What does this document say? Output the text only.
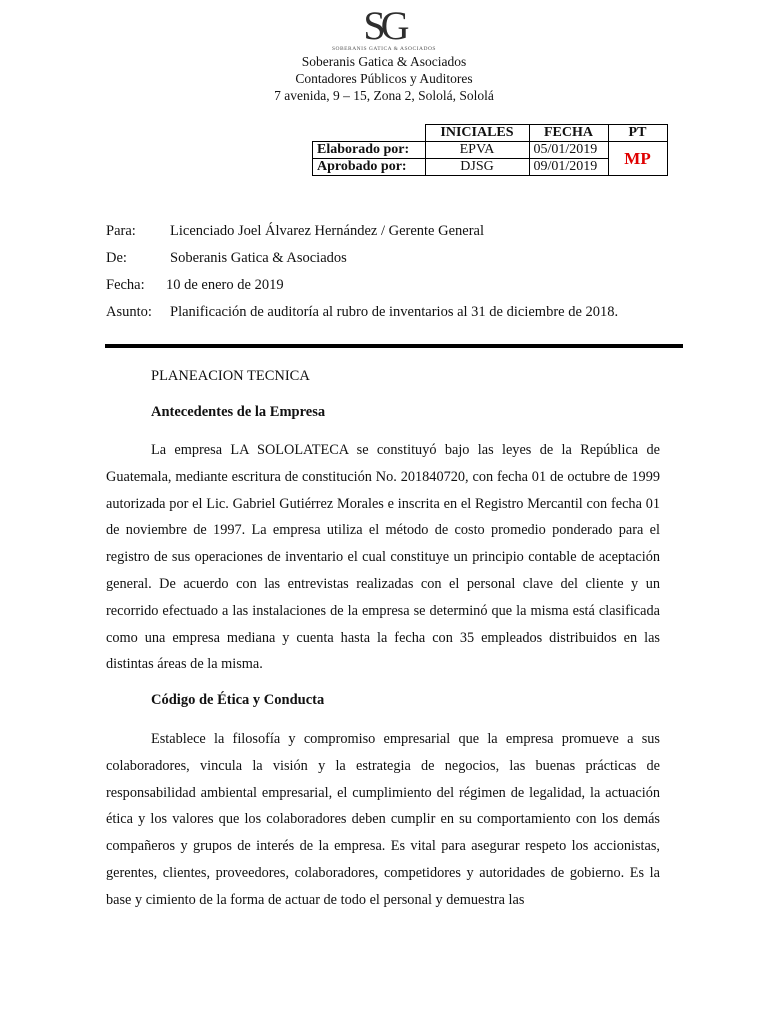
SG
SOBERANIS GATICA & ASOCIADOS
Soberanis Gatica & Asociados
Contadores Públicos y Auditores
7 avenida, 9 – 15, Zona 2, Sololá, Sololá
	INICIALES	FECHA	PT
Elaborado por:	EPVA	05/01/2019	MP
Aprobado por:	DJSG	09/01/2019	
Para: Licenciado Joel Álvarez Hernández / Gerente General
De:	Soberanis Gatica & Asociados
Fecha: 10 de enero de 2019
Asunto: Planificación de auditoría al rubro de inventarios al 31 de diciembre de 2018.
PLANEACION TECNICA
Antecedentes de la Empresa
La empresa LA SOLOLATECA se constituyó bajo las leyes de la República de Guatemala, mediante escritura de constitución No. 201840720, con fecha 01 de octubre de 1999 autorizada por el Lic. Gabriel Gutiérrez Morales e inscrita en el Registro Mercantil con fecha 01 de noviembre de 1997. La empresa utiliza el método de costo promedio ponderado para el registro de sus operaciones de inventario el cual constituye un principio contable de aceptación general. De acuerdo con las entrevistas realizadas con el personal clave del cliente y un recorrido efectuado a las instalaciones de la empresa se determinó que la misma está clasificada como una empresa mediana y cuenta hasta la fecha con 35 empleados distribuidos en las distintas áreas de la misma.
Código de Ética y Conducta
Establece la filosofía y compromiso empresarial que la empresa promueve a sus colaboradores, vincula la visión y la estrategia de negocios, las buenas prácticas de responsabilidad ambiental empresarial, el cumplimiento del régimen de legalidad, la actuación ética y los valores que los colaboradores deben cumplir en su comportamiento con los demás compañeros y grupos de interés de la empresa. Es vital para asegurar respeto los accionistas, gerentes, clientes, proveedores, colaboradores, competidores y autoridades de gobierno. Es la base y cimiento de la forma de actuar de todo el personal y demuestra las
